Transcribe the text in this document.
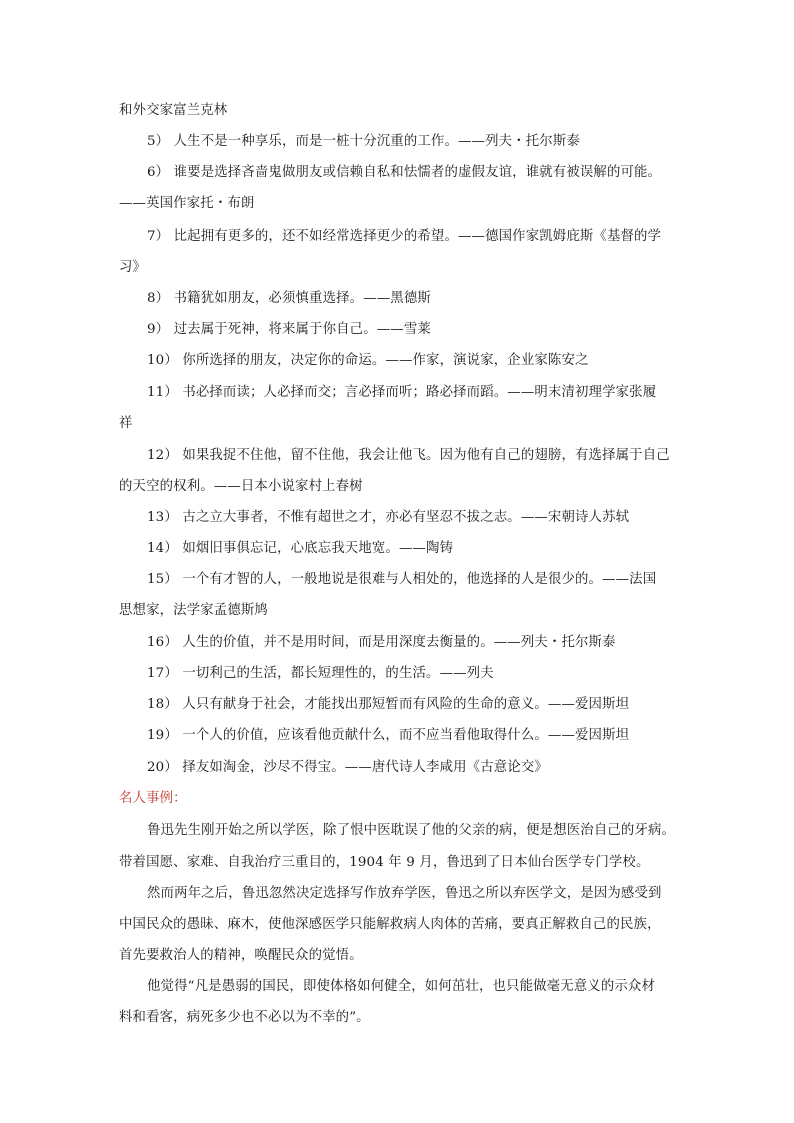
和外交家富兰克林
5） 人生不是一种享乐，而是一桩十分沉重的工作。——列夫・托尔斯泰
6） 谁要是选择吝啬鬼做朋友或信赖自私和怯懦者的虚假友谊，谁就有被误解的可能。
——英国作家托・布朗
7） 比起拥有更多的，还不如经常选择更少的希望。——德国作家凯姆庇斯《基督的学
习》
8） 书籍犹如朋友，必须慎重选择。——黑德斯
9） 过去属于死神，将来属于你自己。——雪莱
10） 你所选择的朋友，决定你的命运。——作家，演说家，企业家陈安之
11） 书必择而读；人必择而交；言必择而听；路必择而蹈。——明末清初理学家张履
祥
12） 如果我捉不住他，留不住他，我会让他飞。因为他有自己的翅膀，有选择属于自己
的天空的权利。——日本小说家村上春树
13） 古之立大事者，不惟有超世之才，亦必有坚忍不拔之志。——宋朝诗人苏轼
14） 如烟旧事俱忘记，心底忘我天地宽。——陶铸
15） 一个有才智的人，一般地说是很难与人相处的，他选择的人是很少的。——法国
思想家，法学家孟德斯鸠
16） 人生的价值，并不是用时间，而是用深度去衡量的。——列夫・托尔斯泰
17） 一切利己的生活，都长短理性的，的生活。——列夫
18） 人只有献身于社会，才能找出那短暂而有风险的生命的意义。——爱因斯坦
19） 一个人的价值，应该看他贡献什么，而不应当看他取得什么。——爱因斯坦
20） 择友如淘金，沙尽不得宝。——唐代诗人李咸用《古意论交》
名人事例：
鲁迅先生刚开始之所以学医，除了恨中医耽误了他的父亲的病，便是想医治自己的牙病。
带着国愿、家难、自我治疗三重目的，1904 年 9 月，鲁迅到了日本仙台医学专门学校。
然而两年之后，鲁迅忽然决定选择写作放弃学医，鲁迅之所以弃医学文，是因为感受到
中国民众的愚昧、麻木，使他深感医学只能解救病人肉体的苦痛，要真正解救自己的民族，
首先要救治人的精神，唤醒民众的觉悟。
他觉得“凡是愚弱的国民，即使体格如何健全，如何茁壮，也只能做毫无意义的示众材
料和看客，病死多少也不必以为不幸的”。
